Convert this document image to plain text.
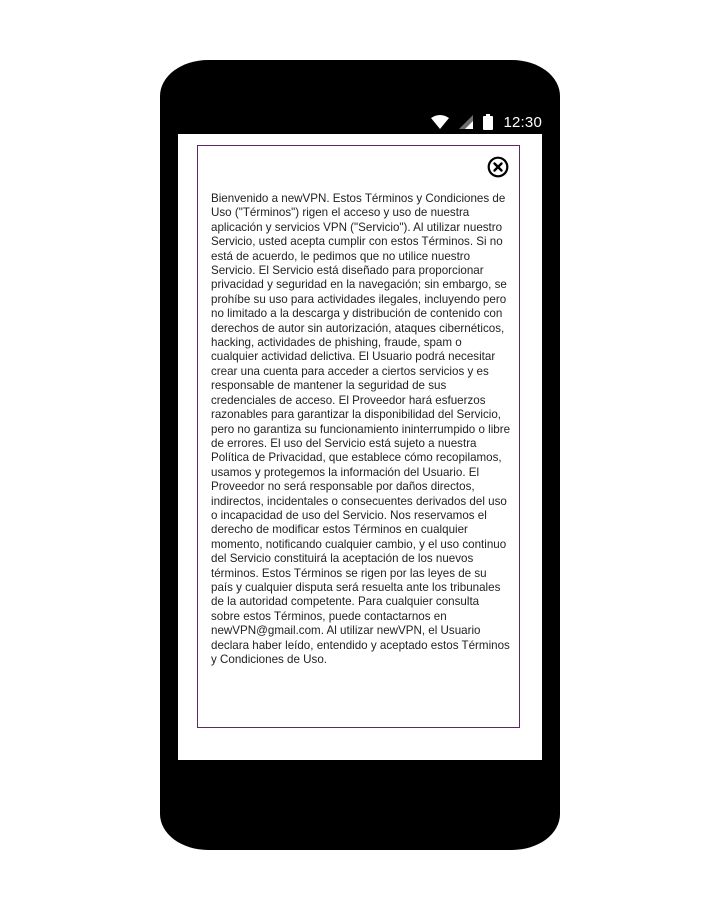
12:30

Bienvenido a newVPN. Estos Términos y Condiciones de Uso ("Términos") rigen el acceso y uso de nuestra aplicación y servicios VPN ("Servicio"). Al utilizar nuestro Servicio, usted acepta cumplir con estos Términos. Si no está de acuerdo, le pedimos que no utilice nuestro Servicio. El Servicio está diseñado para proporcionar privacidad y seguridad en la navegación; sin embargo, se prohíbe su uso para actividades ilegales, incluyendo pero no limitado a la descarga y distribución de contenido con derechos de autor sin autorización, ataques cibernéticos, hacking, actividades de phishing, fraude, spam o cualquier actividad delictiva. El Usuario podrá necesitar crear una cuenta para acceder a ciertos servicios y es responsable de mantener la seguridad de sus credenciales de acceso. El Proveedor hará esfuerzos razonables para garantizar la disponibilidad del Servicio, pero no garantiza su funcionamiento ininterrumpido o libre de errores. El uso del Servicio está sujeto a nuestra Política de Privacidad, que establece cómo recopilamos, usamos y protegemos la información del Usuario. El Proveedor no será responsable por daños directos, indirectos, incidentales o consecuentes derivados del uso o incapacidad de uso del Servicio. Nos reservamos el derecho de modificar estos Términos en cualquier momento, notificando cualquier cambio, y el uso continuo del Servicio constituirá la aceptación de los nuevos términos. Estos Términos se rigen por las leyes de su país y cualquier disputa será resuelta ante los tribunales de la autoridad competente. Para cualquier consulta sobre estos Términos, puede contactarnos en newVPN@gmail.com. Al utilizar newVPN, el Usuario declara haber leído, entendido y aceptado estos Términos y Condiciones de Uso.
